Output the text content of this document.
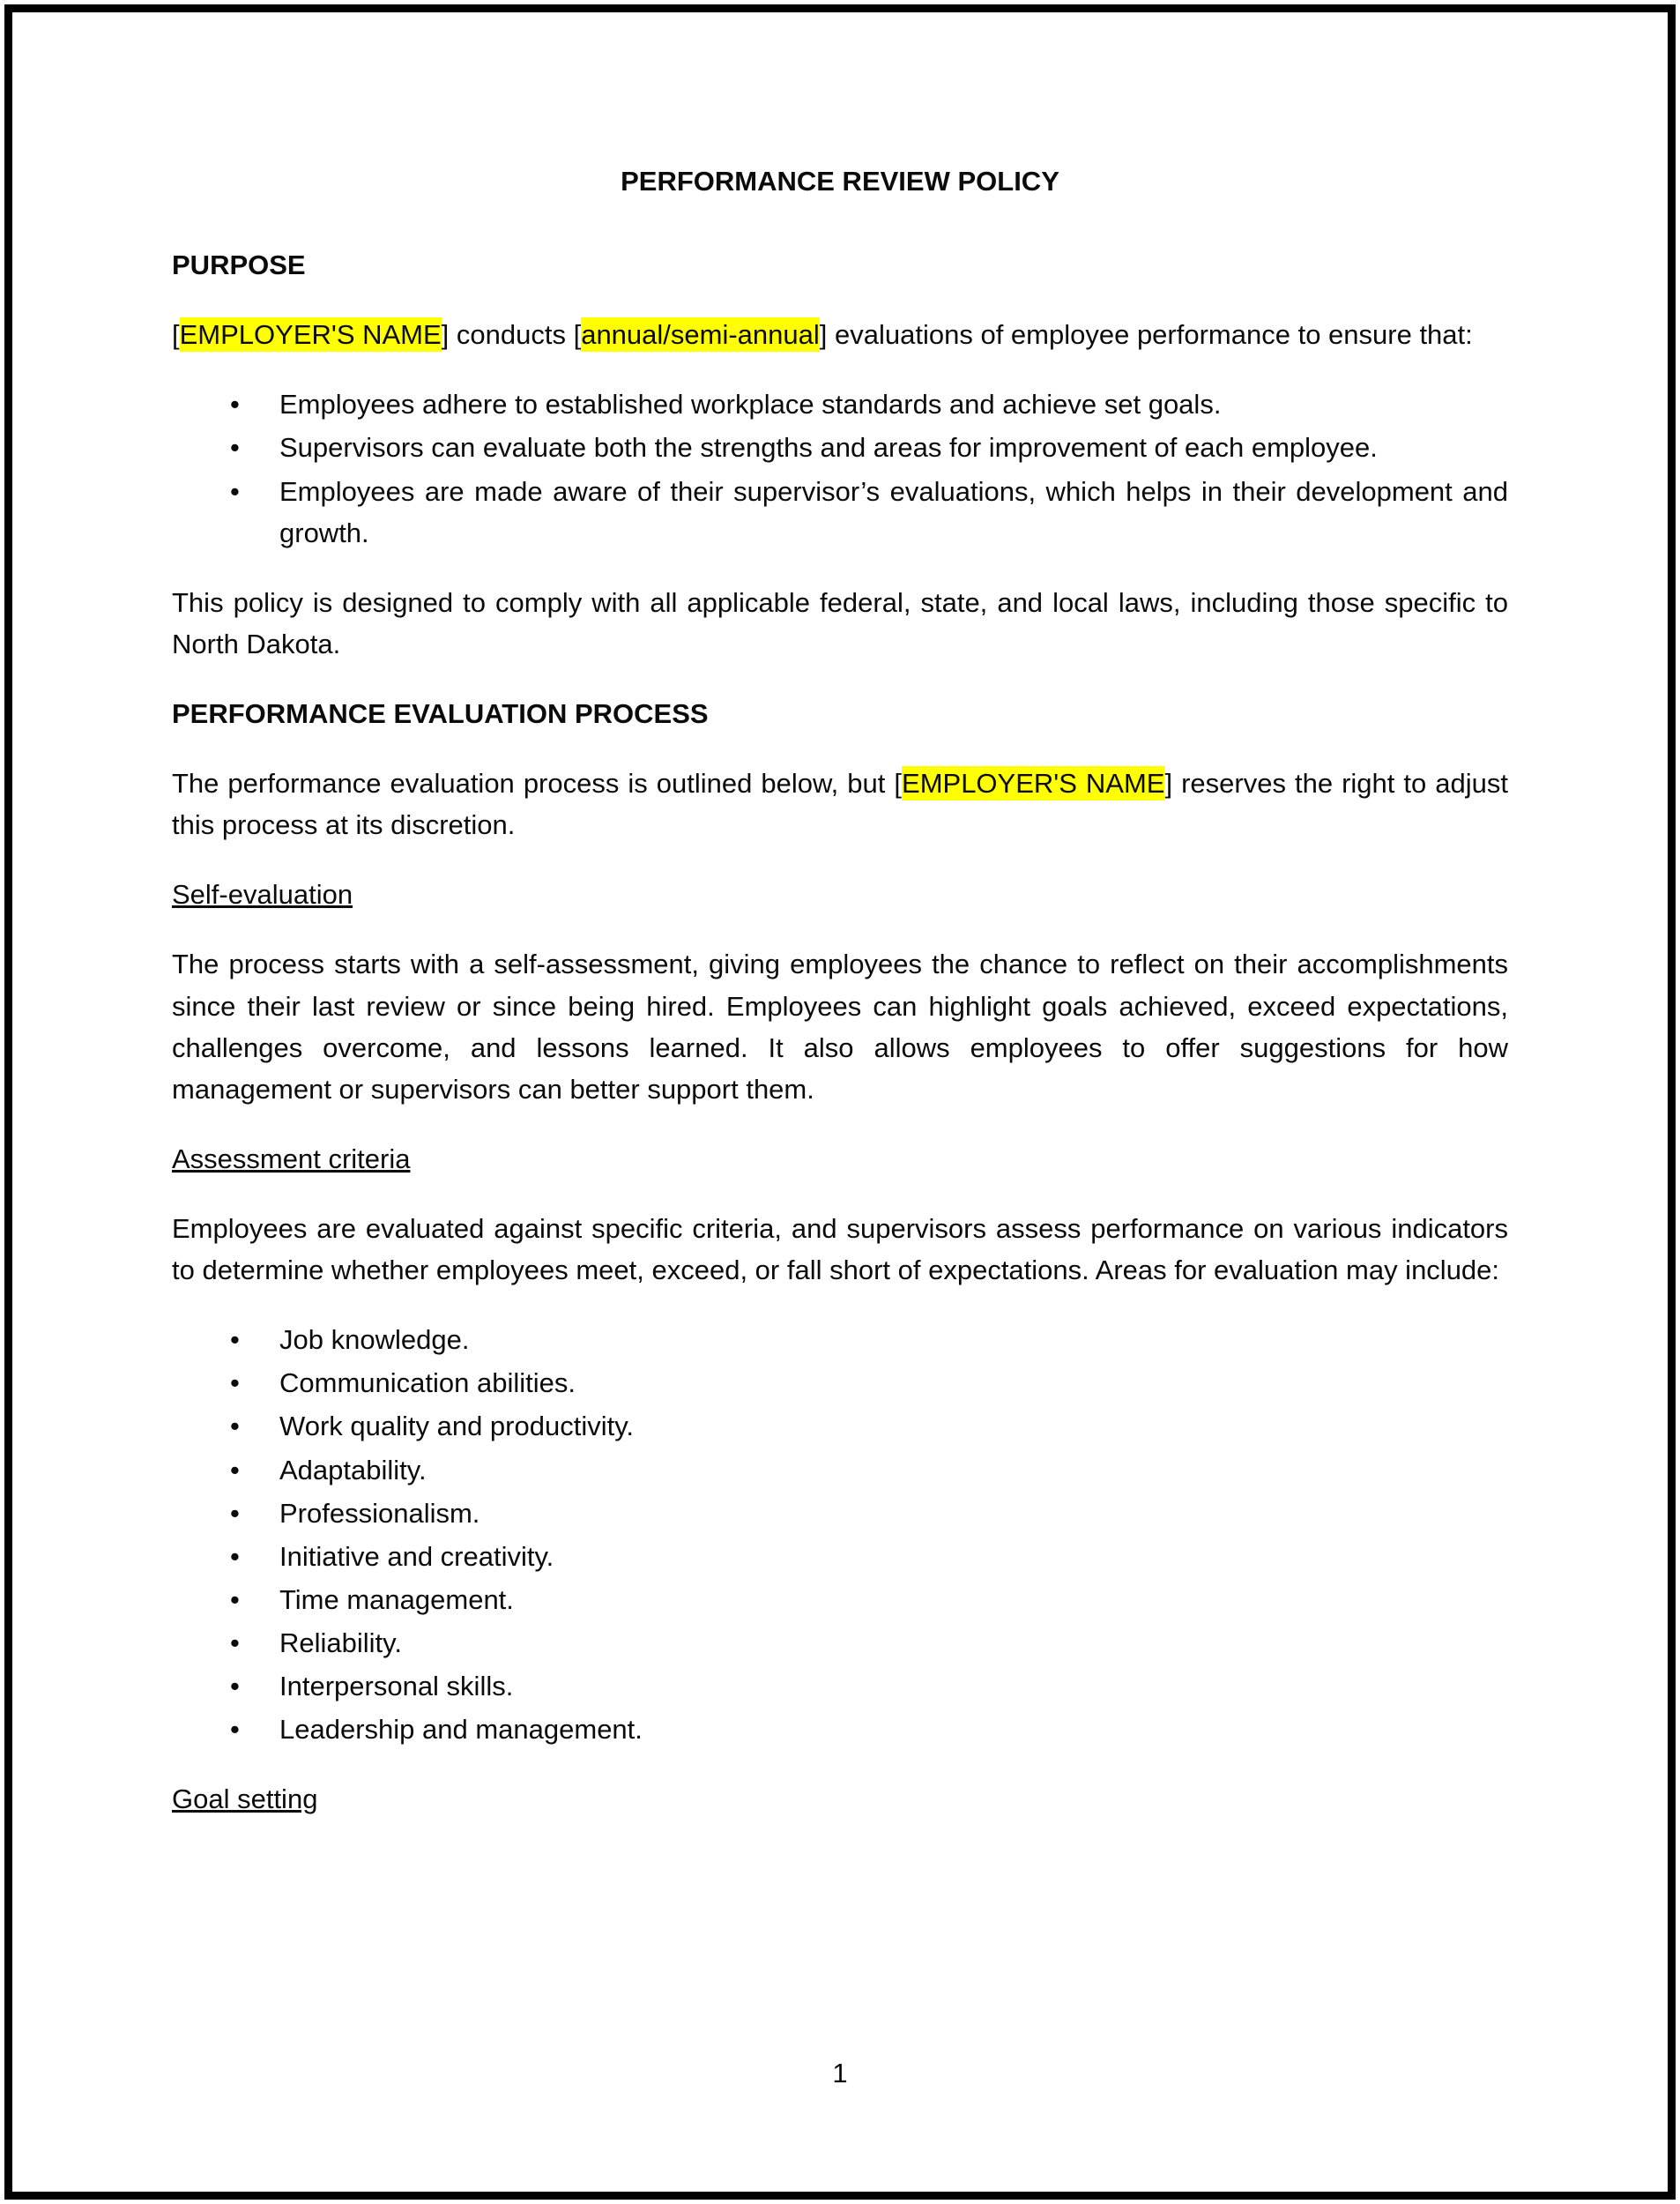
PERFORMANCE REVIEW POLICY
PURPOSE

[EMPLOYER'S NAME] conducts [annual/semi-annual] evaluations of employee performance to ensure that:

• Employees adhere to established workplace standards and achieve set goals.
• Supervisors can evaluate both the strengths and areas for improvement of each employee.
• Employees are made aware of their supervisor’s evaluations, which helps in their development and growth.

This policy is designed to comply with all applicable federal, state, and local laws, including those specific to North Dakota.

PERFORMANCE EVALUATION PROCESS

The performance evaluation process is outlined below, but [EMPLOYER'S NAME] reserves the right to adjust this process at its discretion.

Self-evaluation

The process starts with a self-assessment, giving employees the chance to reflect on their accomplishments since their last review or since being hired. Employees can highlight goals achieved, exceed expectations, challenges overcome, and lessons learned. It also allows employees to offer suggestions for how management or supervisors can better support them.

Assessment criteria

Employees are evaluated against specific criteria, and supervisors assess performance on various indicators to determine whether employees meet, exceed, or fall short of expectations. Areas for evaluation may include:

• Job knowledge.
• Communication abilities.
• Work quality and productivity.
• Adaptability.
• Professionalism.
• Initiative and creativity.
• Time management.
• Reliability.
• Interpersonal skills.
• Leadership and management.
Goal setting
1
